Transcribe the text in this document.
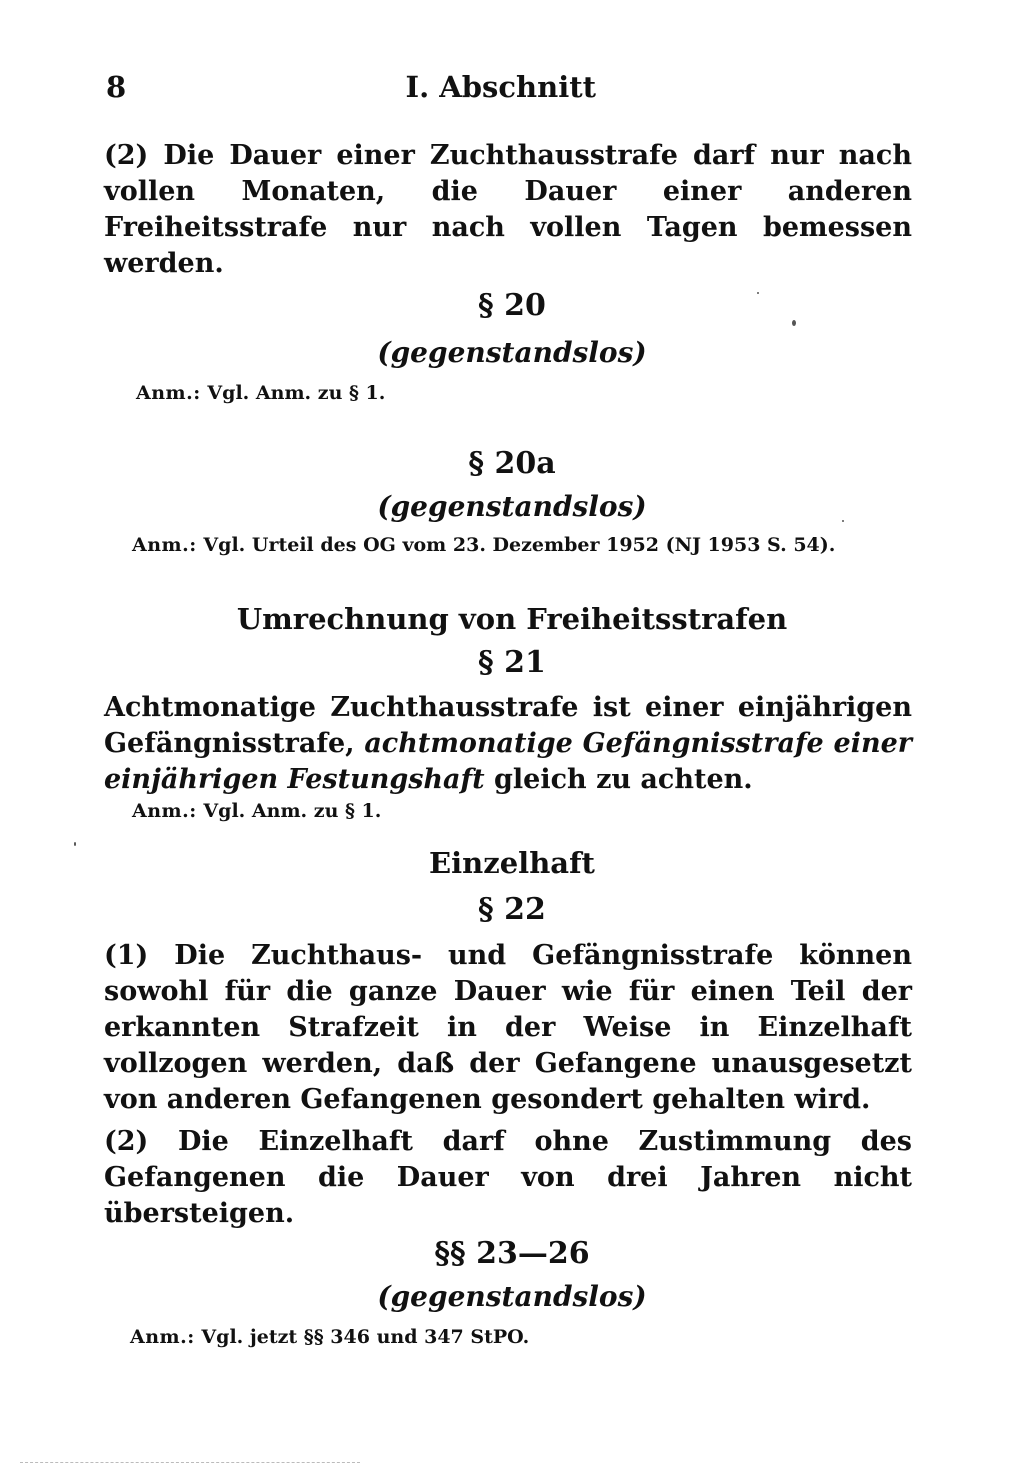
8	I. Abschnitt

(2) Die Dauer einer Zuchthausstrafe darf nur nach vollen Monaten, die Dauer einer anderen Freiheitsstrafe nur nach vollen Tagen bemessen werden.

§ 20
(gegenstandslos)
Anm.: Vgl. Anm. zu § 1.
§ 20a
(gegenstandslos)
Anm.: Vgl. Urteil des OG vom 23. Dezember 1952 (NJ 1953 S. 54).
Umrechnung von Freiheitsstrafen
§ 21

Achtmonatige Zuchthausstrafe ist einer einjährigen Gefängnisstrafe, achtmonatige Gefängnisstrafe einer einjährigen Festungshaft gleich zu achten.

Anm.: Vgl. Anm. zu § 1.
Einzelhaft
§ 22

(1) Die Zuchthaus- und Gefängnisstrafe können sowohl für die ganze Dauer wie für einen Teil der erkannten Strafzeit in der Weise in Einzelhaft vollzogen werden, daß der Gefangene unausgesetzt von anderen Gefangenen gesondert gehalten wird.

(2) Die Einzelhaft darf ohne Zustimmung des Gefangenen die Dauer von drei Jahren nicht übersteigen.

§§ 23—26
(gegenstandslos)
Anm.: Vgl. jetzt §§ 346 und 347 StPO.
